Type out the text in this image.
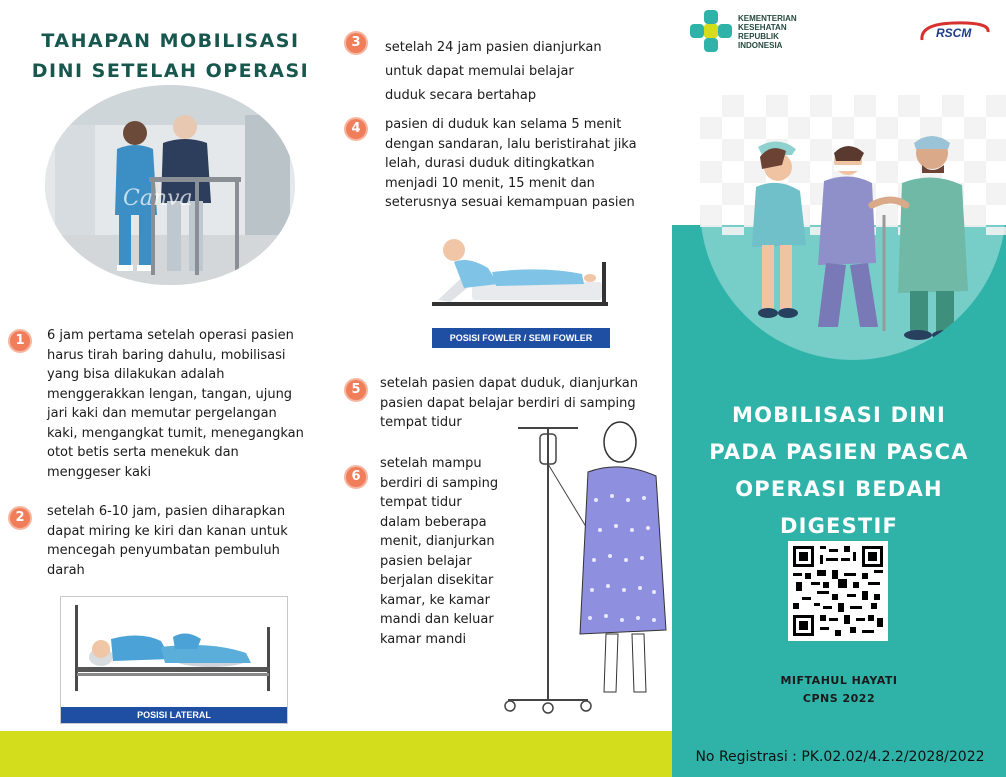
TAHAPAN MOBILISASI
DINI SETELAH OPERASI
Canva
1	6 jam pertama setelah operasi pasien
harus tirah baring dahulu, mobilisasi
yang bisa dilakukan adalah
menggerakkan lengan, tangan, ujung
jari kaki dan memutar pergelangan
kaki, mengangkat tumit, menegangkan
otot betis serta menekuk dan
menggeser kaki
2	setelah 6-10 jam, pasien diharapkan
dapat miring ke kiri dan kanan untuk
mencegah penyumbatan pembuluh
darah
POSISI LATERAL
3	setelah 24 jam pasien dianjurkan
untuk dapat memulai belajar
duduk secara bertahap
4	pasien di duduk kan selama 5 menit
dengan sandaran, lalu beristirahat jika
lelah, durasi duduk ditingkatkan
menjadi 10 menit, 15 menit dan
seterusnya sesuai kemampuan pasien
POSISI FOWLER / SEMI FOWLER
5	setelah pasien dapat duduk, dianjurkan
pasien dapat belajar berdiri di samping
tempat tidur
6
setelah mampu
berdiri di samping
tempat tidur
dalam beberapa
menit, dianjurkan
pasien belajar
berjalan disekitar
kamar, ke kamar
mandi dan keluar
kamar mandi
KEMENTERIAN
KESEHATAN
REPUBLIK
INDONESIA
RSCM
MOBILISASI DINI
PADA PASIEN PASCA
OPERASI BEDAH
DIGESTIF
MIFTAHUL HAYATI
CPNS 2022
No Registrasi : PK.02.02/4.2.2/2028/2022
